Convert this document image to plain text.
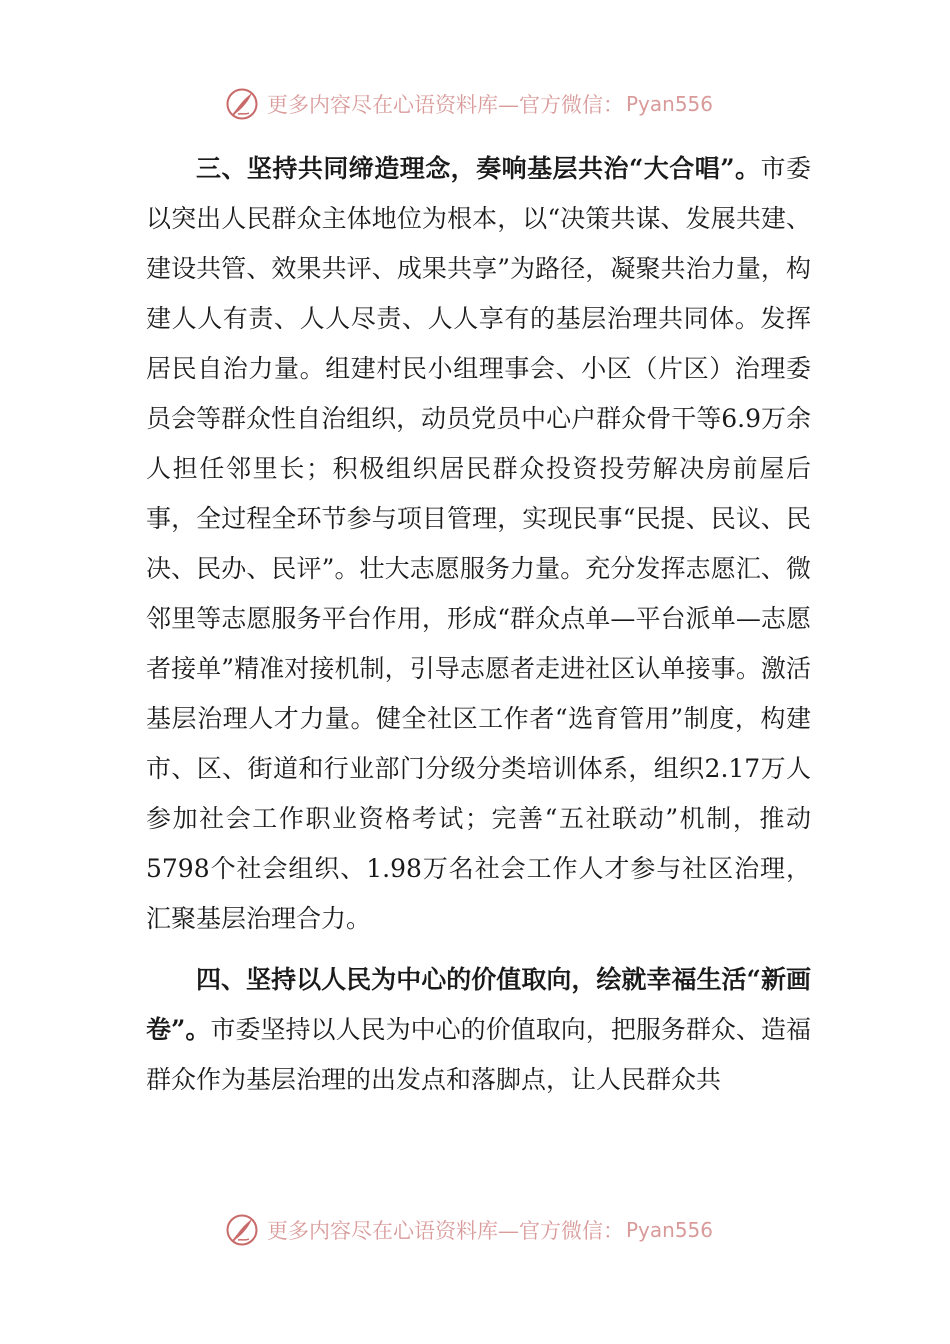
更多内容尽在心语资料库—官方微信： Pyan556

三、坚持共同缔造理念，奏响基层共治“大合唱”。市委以突出人民群众主体地位为根本，以“决策共谋、发展共建、建设共管、效果共评、成果共享”为路径，凝聚共治力量，构建人人有责、人人尽责、人人享有的基层治理共同体。发挥居民自治力量。组建村民小组理事会、小区（片区）治理委员会等群众性自治组织，动员党员中心户群众骨干等6.9万余人担任邻里长；积极组织居民群众投资投劳解决房前屋后事，全过程全环节参与项目管理，实现民事“民提、民议、民决、民办、民评”。壮大志愿服务力量。充分发挥志愿汇、微邻里等志愿服务平台作用，形成“群众点单—平台派单—志愿者接单”精准对接机制，引导志愿者走进社区认单接事。激活基层治理人才力量。健全社区工作者“选育管用”制度，构建市、区、街道和行业部门分级分类培训体系，组织2.17万人参加社会工作职业资格考试；完善“五社联动”机制，推动5798个社会组织、1.98万名社会工作人才参与社区治理，汇聚基层治理合力。

四、坚持以人民为中心的价值取向，绘就幸福生活“新画卷”。市委坚持以人民为中心的价值取向，把服务群众、造福群众作为基层治理的出发点和落脚点，让人民群众共

更多内容尽在心语资料库—官方微信： Pyan556
